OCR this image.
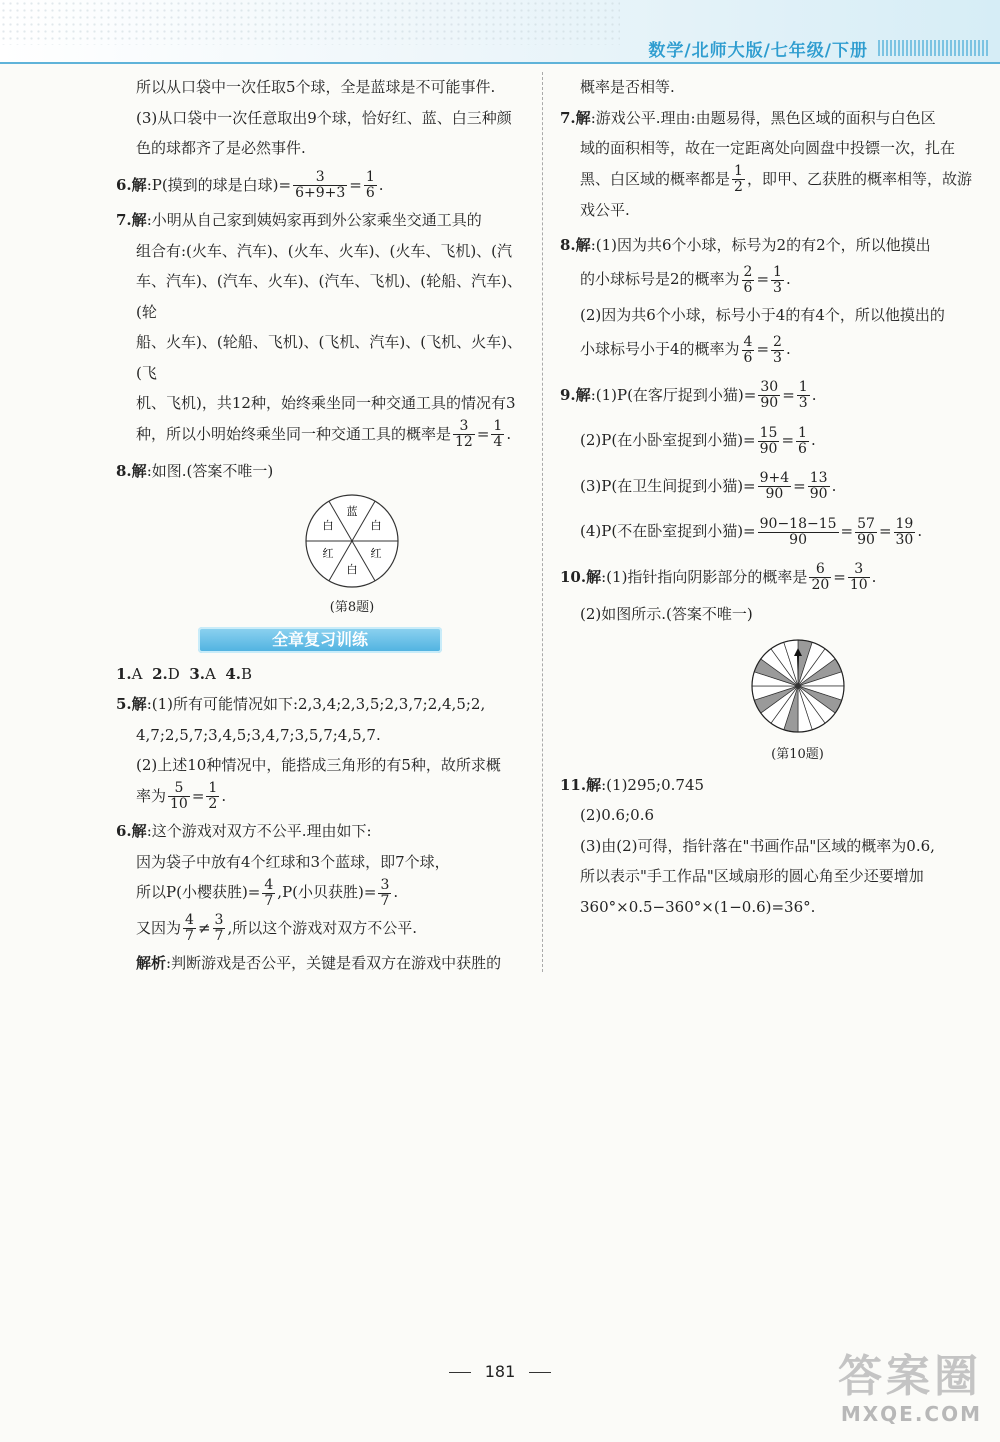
数学/北师大版/七年级/下册

所以从口袋中一次任取5个球，全是蓝球是不可能事件.

(3)从口袋中一次任意取出9个球，恰好红、蓝、白三种颜

色的球都齐了是必然事件.

6.解:P(摸到的球是白球)= $\frac{3}{6+9+3} = \frac{1}{6}$ .

7.解:小明从自己家到姨妈家再到外公家乘坐交通工具的

组合有:(火车、汽车)、(火车、火车)、(火车、飞机)、(汽

车、汽车)、(汽车、火车)、(汽车、飞机)、(轮船、汽车)、(轮

船、火车)、(轮船、飞机)、(飞机、汽车)、(飞机、火车)、(飞

机、飞机)，共12种，始终乘坐同一种交通工具的情况有3

种，所以小明始终乘坐同一种交通工具的概率是 $\frac{3}{12} = \frac{1}{4}$ .

8.解:如图.(答案不唯一)

蓝
白
红
白
红
白
(第8题)
全章复习训练

1.A 2.D 3.A 4.B

5.解:(1)所有可能情况如下:2,3,4;2,3,5;2,3,7;2,4,5;2,

4,7;2,5,7;3,4,5;3,4,7;3,5,7;4,5,7.

(2)上述10种情况中，能搭成三角形的有5种，故所求概

率为 $\frac{5}{10} = \frac{1}{2}$ .

6.解:这个游戏对双方不公平.理由如下:

因为袋子中放有4个红球和3个蓝球，即7个球，

所以P(小樱获胜)= $\frac{4}{7} ,P$(小贝获胜)= $\frac{3}{7}$ .

又因为 $\frac{4}{7} \ne \frac{3}{7}$ ,所以这个游戏对双方不公平.

解析:判断游戏是否公平，关键是看双方在游戏中获胜的

概率是否相等.

7.解:游戏公平.理由:由题易得，黑色区域的面积与白色区

域的面积相等，故在一定距离处向圆盘中投镖一次，扎在

黑、白区域的概率都是 $\frac{1}{2}$ ，即甲、乙获胜的概率相等，故游

戏公平.

8.解:(1)因为共6个小球，标号为2的有2个，所以他摸出

的小球标号是2的概率为 $\frac{2}{6} = \frac{1}{3}$ .

(2)因为共6个小球，标号小于4的有4个，所以他摸出的

小球标号小于4的概率为 $\frac{4}{6} = \frac{2}{3}$ .

9.解:(1)P(在客厅捉到小猫)= $\frac{30}{90} = \frac{1}{3}$ .

(2)P(在小卧室捉到小猫)= $\frac{15}{90} = \frac{1}{6}$ .

(3)P(在卫生间捉到小猫)= $\frac{9+4}{90} = \frac{13}{90}$ .

(4)P(不在卧室捉到小猫)= $\frac{90-18-15}{90} = \frac{57}{90} = \frac{19}{30}$ .

10.解:(1)指针指向阴影部分的概率是 $\frac{6}{20} = \frac{3}{10}$ .

(2)如图所示.(答案不唯一)

(第10题)

11.解:(1)295;0.745

(2)0.6;0.6

(3)由(2)可得，指针落在"书画作品"区域的概率为0.6,

所以表示"手工作品"区域扇形的圆心角至少还要增加

360°×0.5−360°×(1−0.6)=36°.

181	答案圈
MXQE.COM
